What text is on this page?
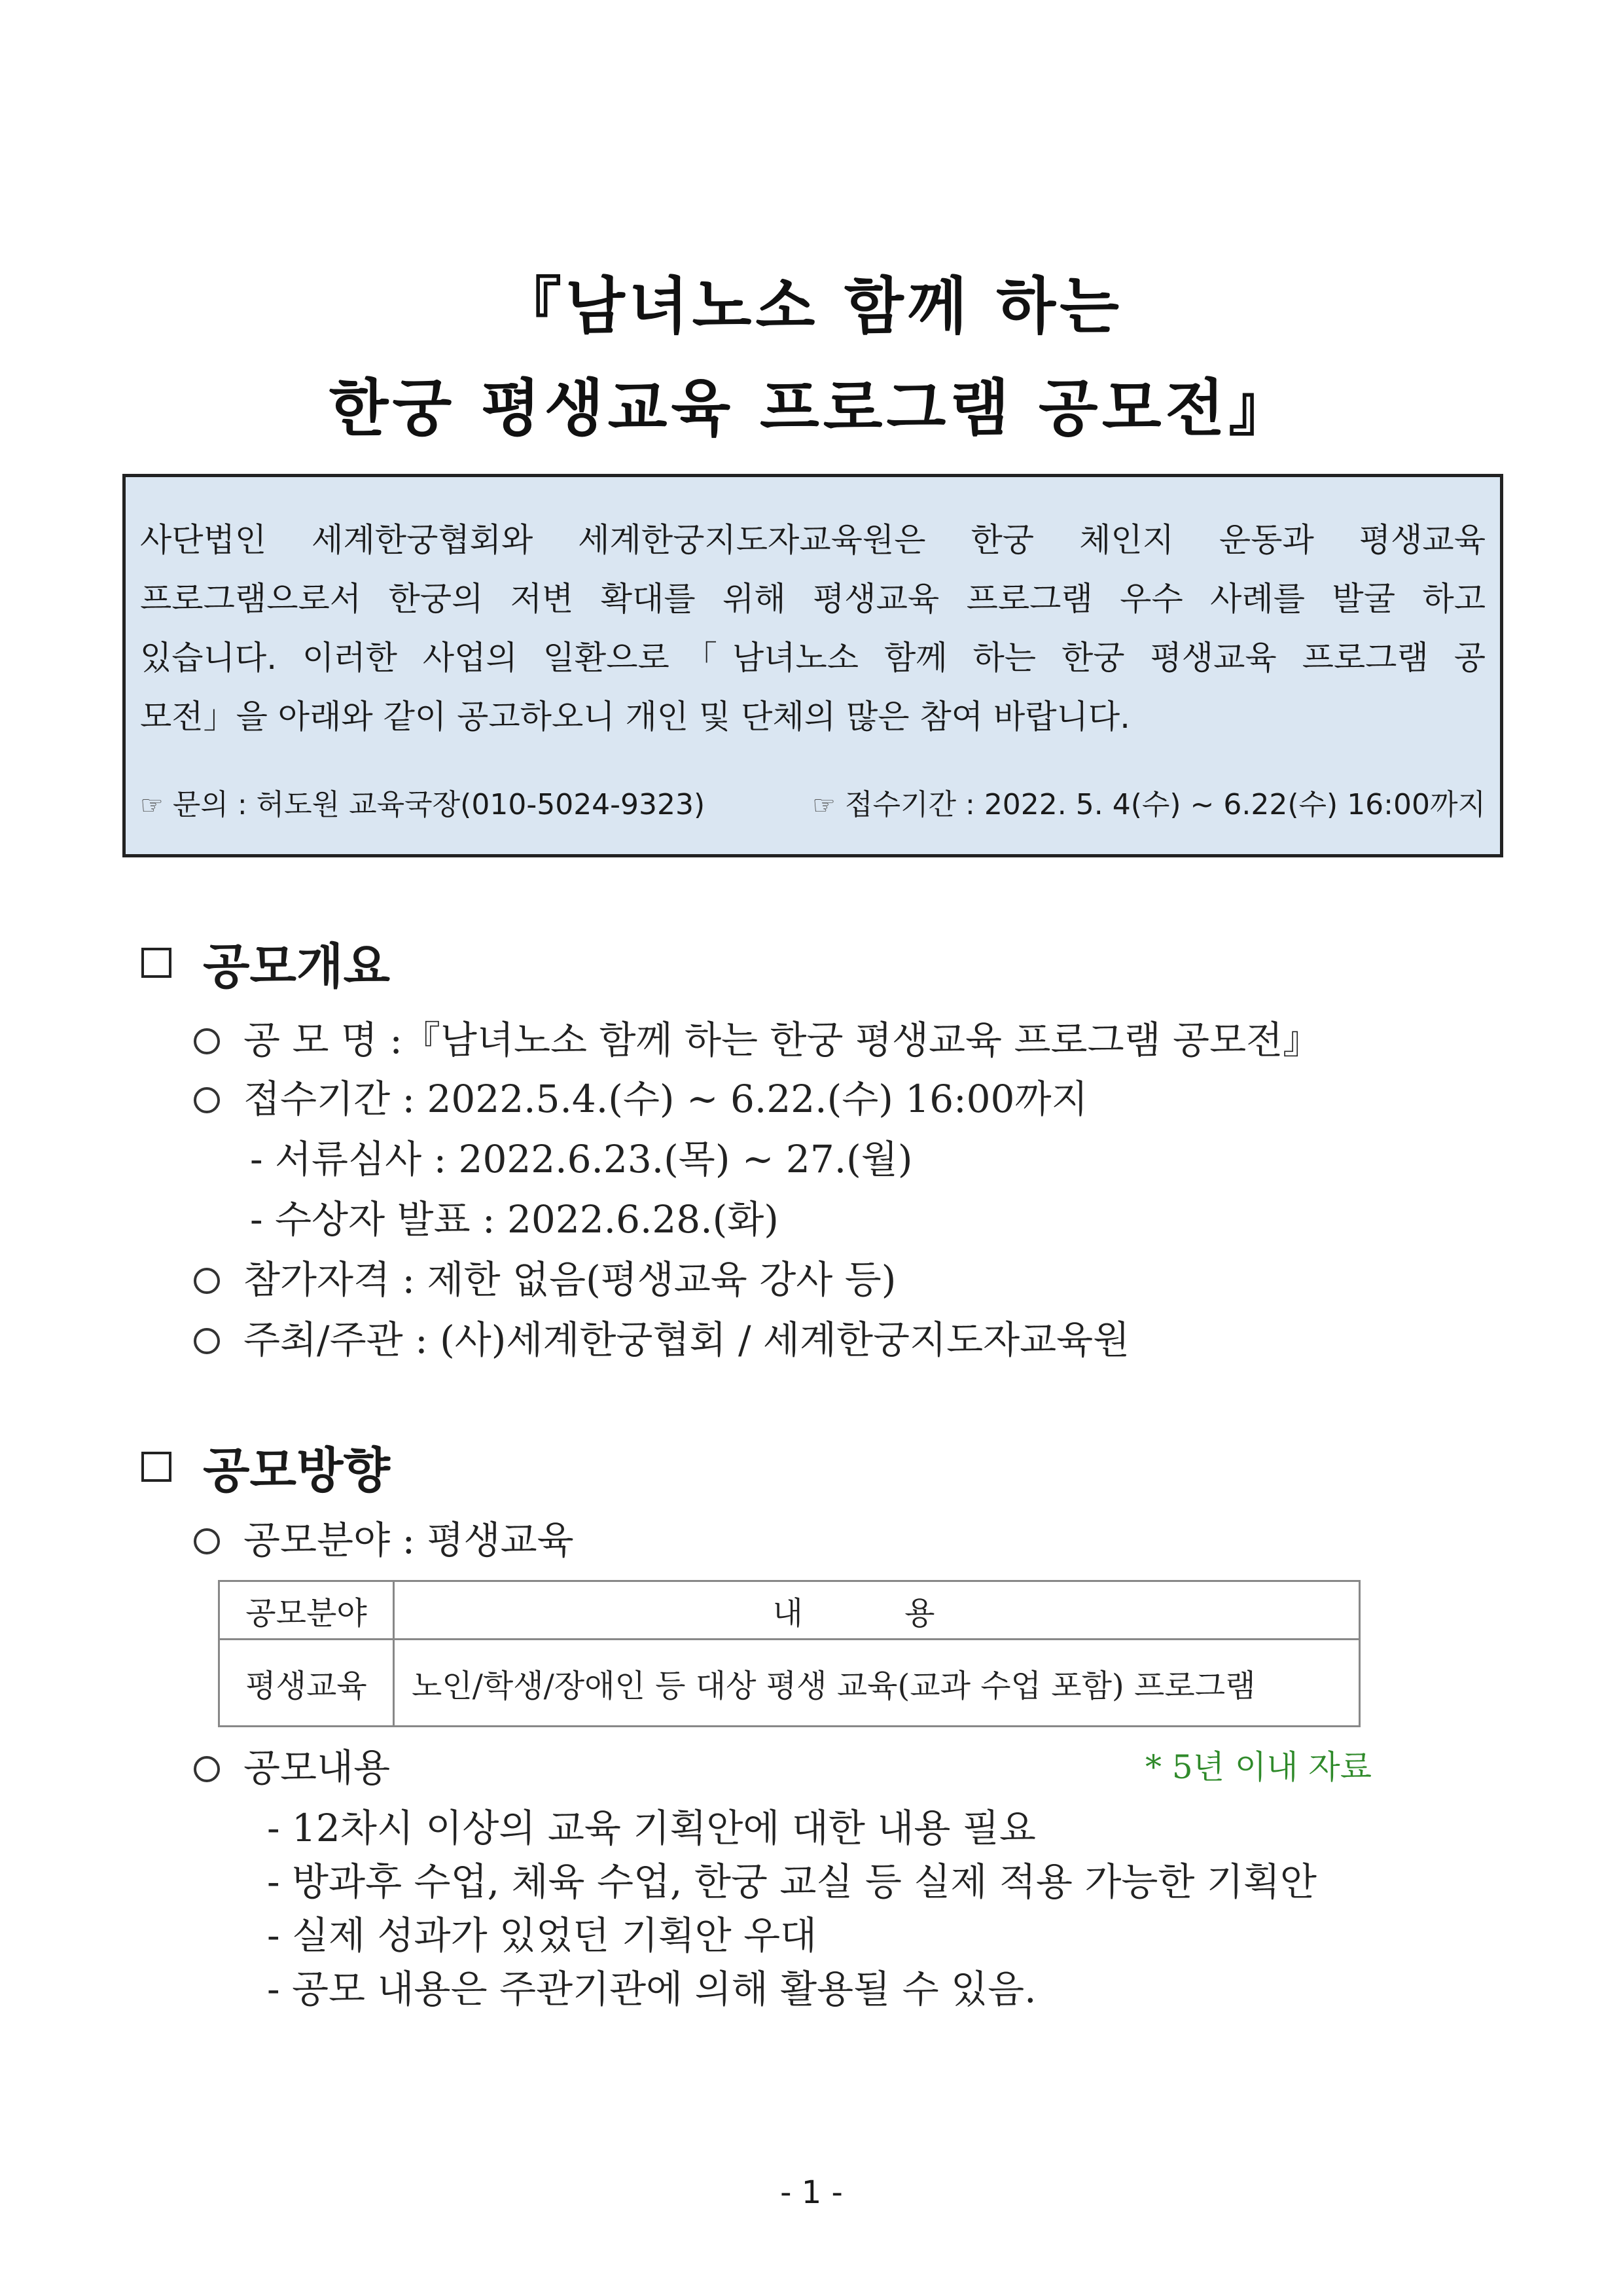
『남녀노소 함께 하는
한궁 평생교육 프로그램 공모전』
사단법인 세계한궁협회와 세계한궁지도자교육원은 한궁 체인지 운동과 평생교육
프로그램으로서 한궁의 저변 확대를 위해 평생교육 프로그램 우수 사례를 발굴 하고
있습니다. 이러한 사업의 일환으로「남녀노소 함께 하는 한궁 평생교육 프로그램 공
모전」을 아래와 같이 공고하오니 개인 및 단체의 많은 참여 바랍니다.
☞ 문의 : 허도원 교육국장(010-5024-9323)	☞ 접수기간 : 2022. 5. 4(수) ~ 6.22(수) 16:00까지
공모개요
공 모 명 :『남녀노소 함께 하는 한궁 평생교육 프로그램 공모전』
접수기간 : 2022.5.4.(수) ~ 6.22.(수) 16:00까지
- 서류심사 : 2022.6.23.(목) ~ 27.(월)
- 수상자 발표 : 2022.6.28.(화)
참가자격 : 제한 없음(평생교육 강사 등)
주최/주관 : (사)세계한궁협회 / 세계한궁지도자교육원
공모방향
공모분야 : 평생교육
공모분야	내 용
평생교육	노인/학생/장애인 등 대상 평생 교육(교과 수업 포함) 프로그램
공모내용	* 5년 이내 자료
- 12차시 이상의 교육 기획안에 대한 내용 필요
- 방과후 수업, 체육 수업, 한궁 교실 등 실제 적용 가능한 기획안
- 실제 성과가 있었던 기획안 우대
- 공모 내용은 주관기관에 의해 활용될 수 있음.
- 1 -
